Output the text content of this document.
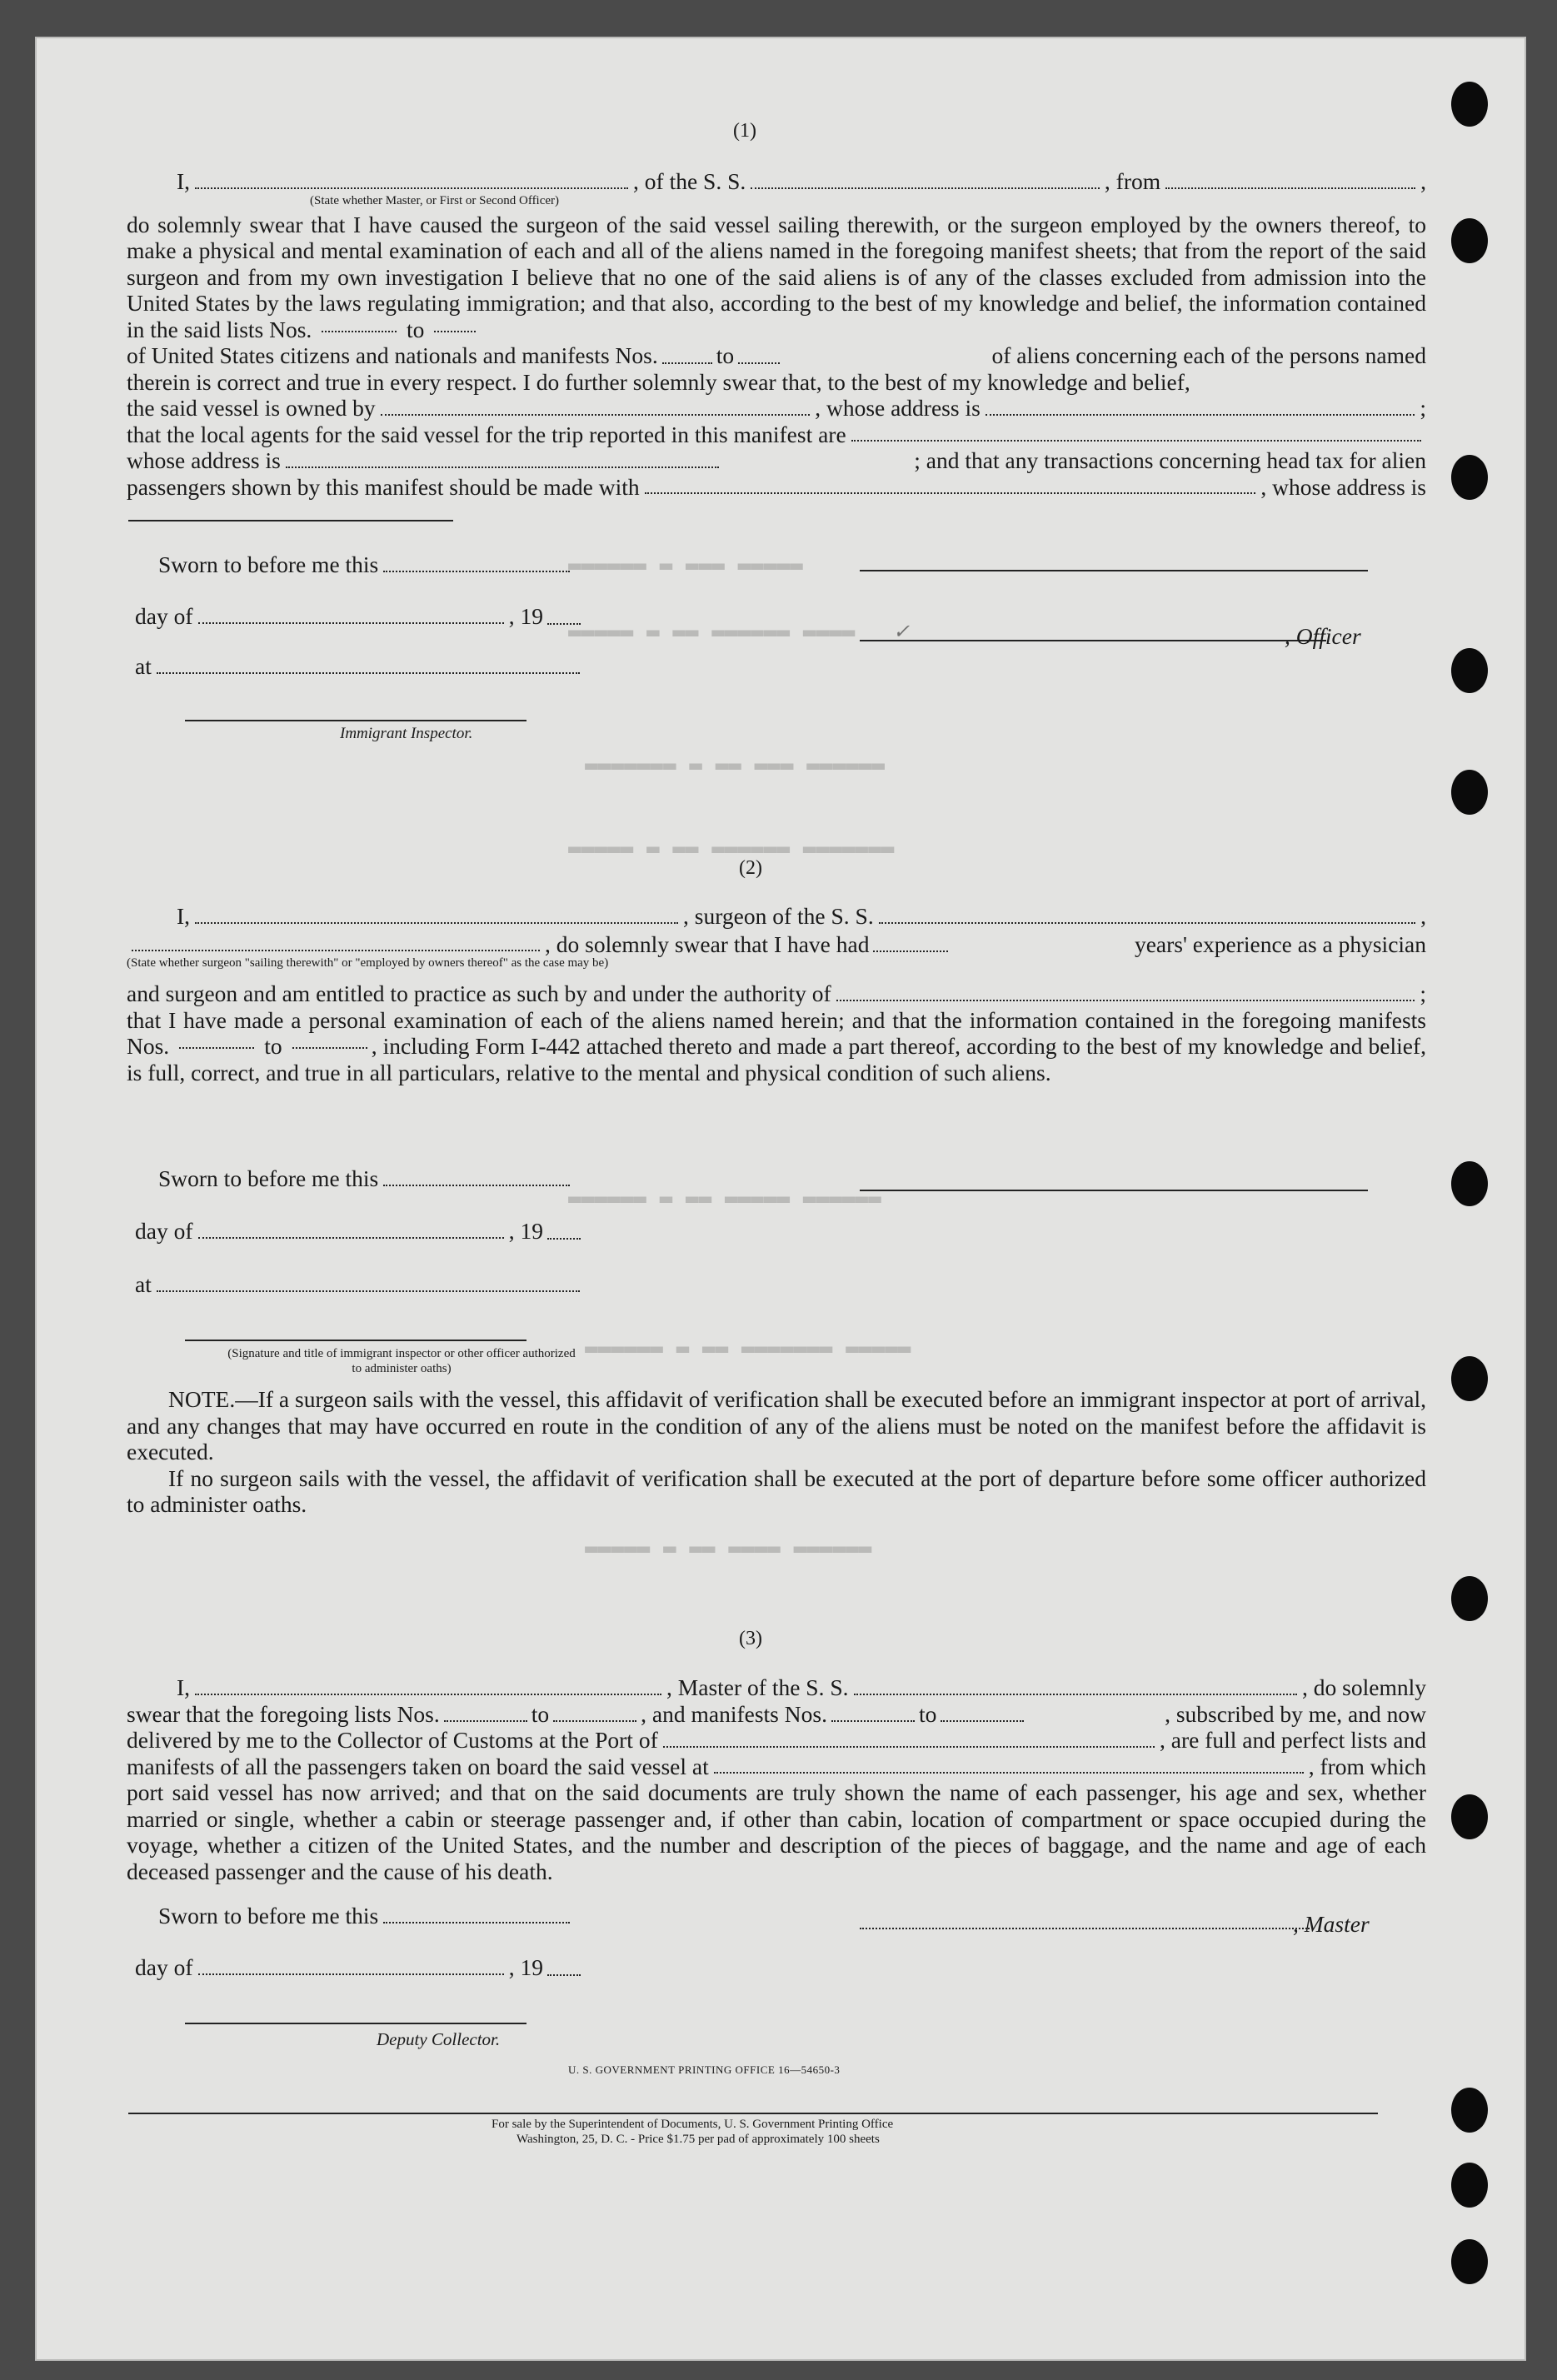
▬▬▬▬▬ ▬▬▬ ▬ ▬▬▬▬▬▬
▬▬▬▬ ▬▬▬▬▬▬ ▬▬ ▬ ▬▬▬▬▬
▬▬▬▬▬▬ ▬▬▬ ▬▬ ▬ ▬▬▬▬▬▬▬
▬▬▬▬▬▬▬ ▬▬▬▬▬▬ ▬▬ ▬ ▬▬▬▬▬
▬▬▬▬▬▬ ▬▬▬▬▬ ▬▬ ▬ ▬▬▬▬▬▬
▬▬▬▬▬ ▬▬▬▬▬▬▬ ▬▬ ▬ ▬▬▬▬▬▬
▬▬▬▬▬▬ ▬▬▬▬ ▬▬ ▬ ▬▬▬▬▬
(1)
I,	, of the S. S.	, from	,
(State whether Master, or First or Second Officer)

do solemnly swear that I have caused the surgeon of the said vessel sailing therewith, or the surgeon employed by the owners thereof, to make a physical and mental examination of each and all of the aliens named in the foregoing manifest sheets; that from the report of the said surgeon and from my own investigation I believe that no one of the said aliens is of any of the classes excluded from admission into the United States by the laws regulating immigration; and that also, according to the best of my knowledge and belief, the information contained in the said lists Nos.	to

of United States citizens and nationals and manifests Nos.	to	of aliens concerning each of the persons named
therein is correct and true in every respect. I do further solemnly swear that, to the best of my knowledge and belief,
the said vessel is owned by	, whose address is	;
that the local agents for the said vessel for the trip reported in this manifest are
whose address is	; and that any transactions concerning head tax for alien
passengers shown by this manifest should be made with	, whose address is
Sworn to before me this
day of	, 19
, Officer
at
Immigrant Inspector.
✓
(2)
I,	, surgeon of the S. S.	,
, do solemnly swear that I have had	years' experience as a physician
(State whether surgeon "sailing therewith" or "employed by owners thereof" as the case may be)
and surgeon and am entitled to practice as such by and under the authority of	;

that I have made a personal examination of each of the aliens named herein; and that the information contained in the foregoing manifests Nos.	to	, including Form I-442 attached thereto and made a part thereof, according to the best of my knowledge and belief, is full, correct, and true in all particulars, relative to the mental and physical condition of such aliens.

Sworn to before me this
day of	, 19
at
(Signature and title of immigrant inspector or other officer authorized to administer oaths)

NOTE.—If a surgeon sails with the vessel, this affidavit of verification shall be executed before an immigrant inspector at port of arrival, and any changes that may have occurred en route in the condition of any of the aliens must be noted on the manifest before the affidavit is executed.

If no surgeon sails with the vessel, the affidavit of verification shall be executed at the port of departure before some officer authorized to administer oaths.

(3)
I,	, Master of the S. S.	, do solemnly
swear that the foregoing lists Nos.	to	, and manifests Nos.	to	, subscribed by me, and now
delivered by me to the Collector of Customs at the Port of	, are full and perfect lists and
manifests of all the passengers taken on board the said vessel at	, from which

port said vessel has now arrived; and that on the said documents are truly shown the name of each passenger, his age and sex, whether married or single, whether a cabin or steerage passenger and, if other than cabin, location of compartment or space occupied during the voyage, whether a citizen of the United States, and the number and description of the pieces of baggage, and the name and age of each deceased passenger and the cause of his death.

Sworn to before me this	, Master
day of	, 19
Deputy Collector.
U. S. GOVERNMENT PRINTING OFFICE 16—54650-3
For sale by the Superintendent of Documents, U. S. Government Printing Office
Washington, 25, D. C. - Price $1.75 per pad of approximately 100 sheets
